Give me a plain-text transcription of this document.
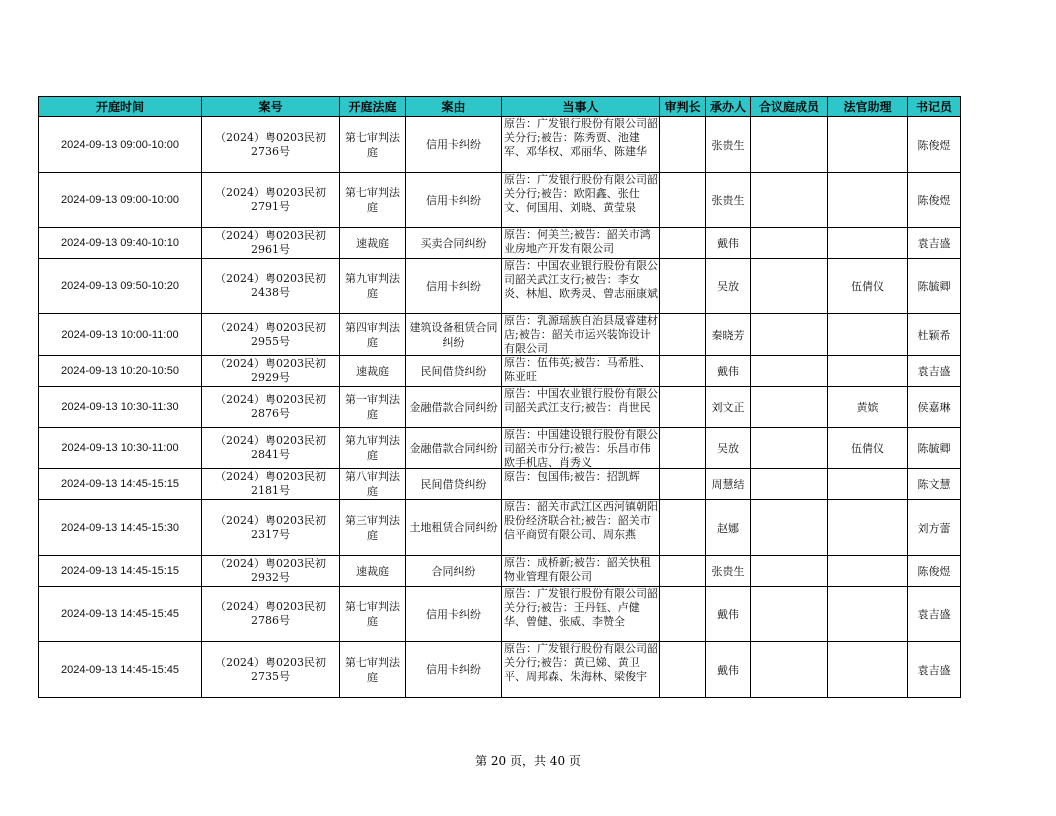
开庭时间	案号	开庭法庭	案由	当事人	审判长	承办人	合议庭成员	法官助理	书记员
2024-09-13 09:00-10:00	（2024）粤0203民初2736号	第七审判法庭	信用卡纠纷	原告：广发银行股份有限公司韶关分行;被告：陈秀贾、池建军、邓华权、邓丽华、陈建华		张贵生			陈俊煜
2024-09-13 09:00-10:00	（2024）粤0203民初2791号	第七审判法庭	信用卡纠纷	原告：广发银行股份有限公司韶关分行;被告：欧阳鑫、张仕文、何国用、刘晓、黄莹泉		张贵生			陈俊煜
2024-09-13 09:40-10:10	（2024）粤0203民初2961号	速裁庭	买卖合同纠纷	原告：何美兰;被告：韶关市鸿业房地产开发有限公司		戴伟			袁吉盛
2024-09-13 09:50-10:20	（2024）粤0203民初2438号	第九审判法庭	信用卡纠纷	原告：中国农业银行股份有限公司韶关武江支行;被告：李女炎、林旭、欧秀灵、曾志丽康斌		吴放		伍倩仪	陈毓卿
2024-09-13 10:00-11:00	（2024）粤0203民初2955号	第四审判法庭	建筑设备租赁合同纠纷	原告：乳源瑶族自治县晟睿建材店;被告：韶关市运兴装饰设计有限公司		秦晓芳			杜颖希
2024-09-13 10:20-10:50	（2024）粤0203民初2929号	速裁庭	民间借贷纠纷	原告：伍伟英;被告：马希胜、陈亚旺		戴伟			袁吉盛
2024-09-13 10:30-11:30	（2024）粤0203民初2876号	第一审判法庭	金融借款合同纠纷	原告：中国农业银行股份有限公司韶关武江支行;被告：肖世民		刘文正		黄嫔	侯嘉琳
2024-09-13 10:30-11:00	（2024）粤0203民初2841号	第九审判法庭	金融借款合同纠纷	原告：中国建设银行股份有限公司韶关市分行;被告：乐昌市伟欧手机店、肖秀义		吴放		伍倩仪	陈毓卿
2024-09-13 14:45-15:15	（2024）粤0203民初2181号	第八审判法庭	民间借贷纠纷	原告：包国伟;被告：招凯辉		周慧结			陈文慧
2024-09-13 14:45-15:30	（2024）粤0203民初2317号	第三审判法庭	土地租赁合同纠纷	原告：韶关市武江区西河镇朝阳股份经济联合社;被告：韶关市信平商贸有限公司、周东燕		赵娜			刘方蕾
2024-09-13 14:45-15:15	（2024）粤0203民初2932号	速裁庭	合同纠纷	原告：成桥新;被告：韶关快租物业管理有限公司		张贵生			陈俊煜
2024-09-13 14:45-15:45	（2024）粤0203民初2786号	第七审判法庭	信用卡纠纷	原告：广发银行股份有限公司韶关分行;被告：王丹钰、卢健华、曾健、张威、李赞全		戴伟			袁吉盛
2024-09-13 14:45-15:45	（2024）粤0203民初2735号	第七审判法庭	信用卡纠纷	原告：广发银行股份有限公司韶关分行;被告：黄已娣、黄卫平、周邦森、朱海林、梁俊宇		戴伟			袁吉盛
第 20 页，共 40 页
